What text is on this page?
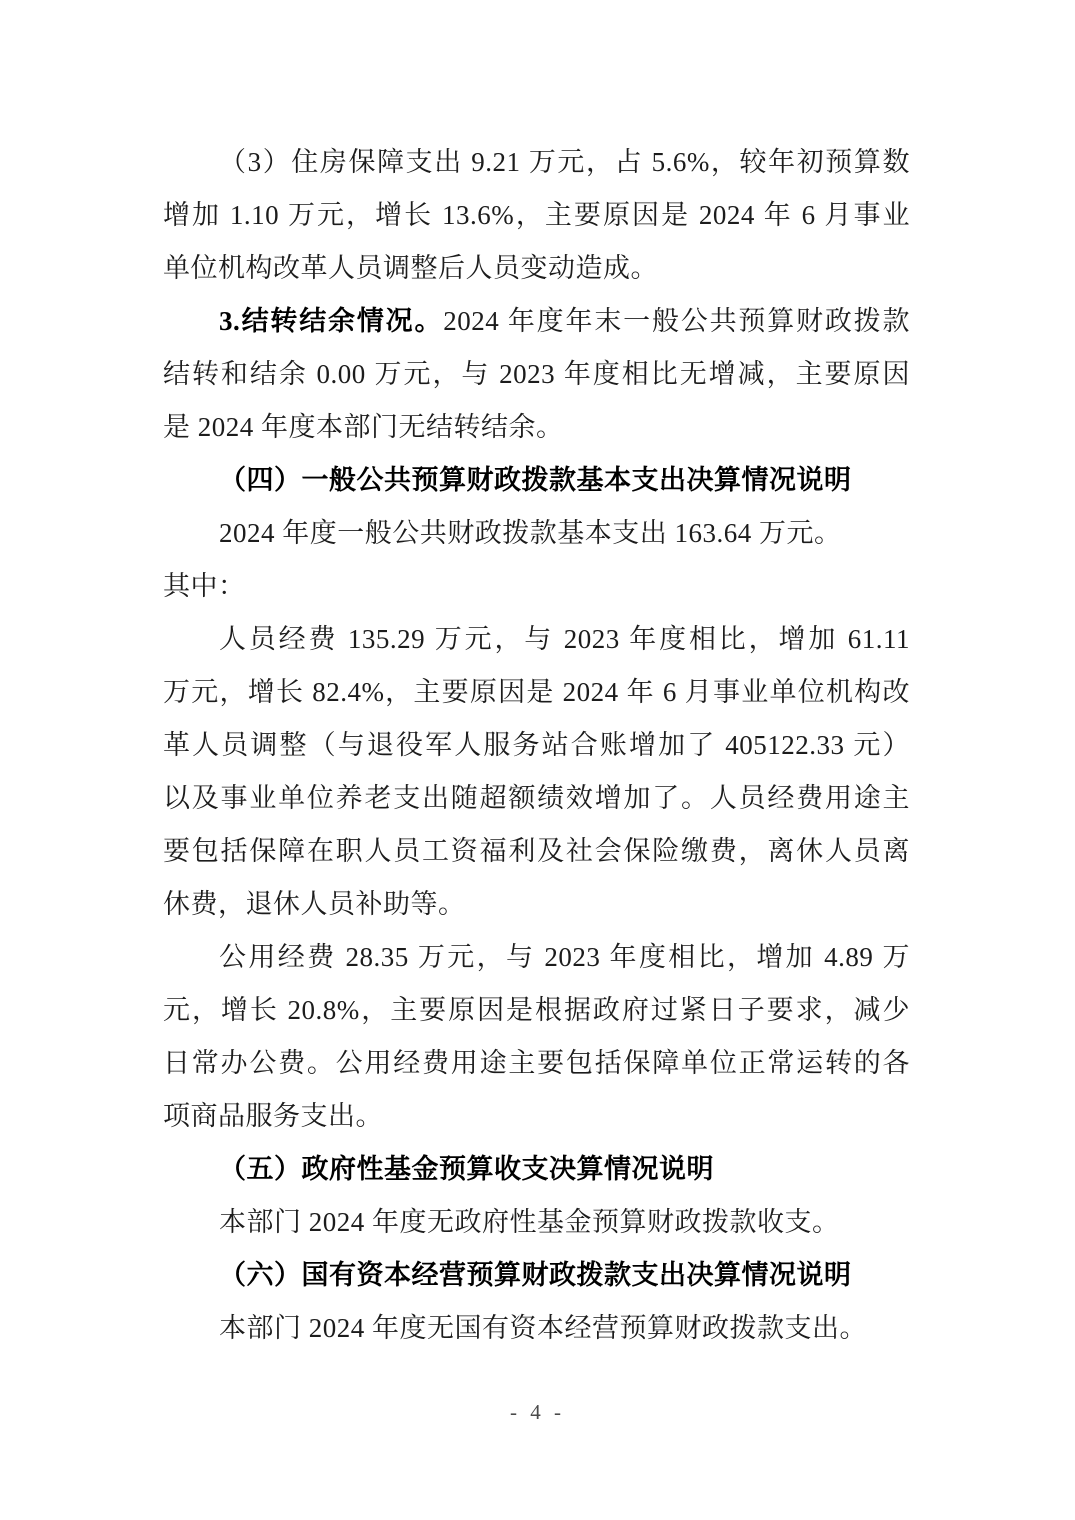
（3）住房保障支出 9.21 万元，占 5.6%，较年初预算数
增加 1.10 万元，增长 13.6%，主要原因是 2024 年 6 月事业
单位机构改革人员调整后人员变动造成。
3.结转结余情况。2024 年度年末一般公共预算财政拨款
结转和结余 0.00 万元，与 2023 年度相比无增减，主要原因
是 2024 年度本部门无结转结余。
（四）一般公共预算财政拨款基本支出决算情况说明
2024 年度一般公共财政拨款基本支出 163.64 万元。
其中：
人员经费 135.29 万元，与 2023 年度相比，增加 61.11
万元，增长 82.4%，主要原因是 2024 年 6 月事业单位机构改
革人员调整（与退役军人服务站合账增加了 405122.33 元）
以及事业单位养老支出随超额绩效增加了。人员经费用途主
要包括保障在职人员工资福利及社会保险缴费，离休人员离
休费，退休人员补助等。
公用经费 28.35 万元，与 2023 年度相比，增加 4.89 万
元，增长 20.8%，主要原因是根据政府过紧日子要求，减少
日常办公费。公用经费用途主要包括保障单位正常运转的各
项商品服务支出。
（五）政府性基金预算收支决算情况说明
本部门 2024 年度无政府性基金预算财政拨款收支。
（六）国有资本经营预算财政拨款支出决算情况说明
本部门 2024 年度无国有资本经营预算财政拨款支出。
- 4 -
